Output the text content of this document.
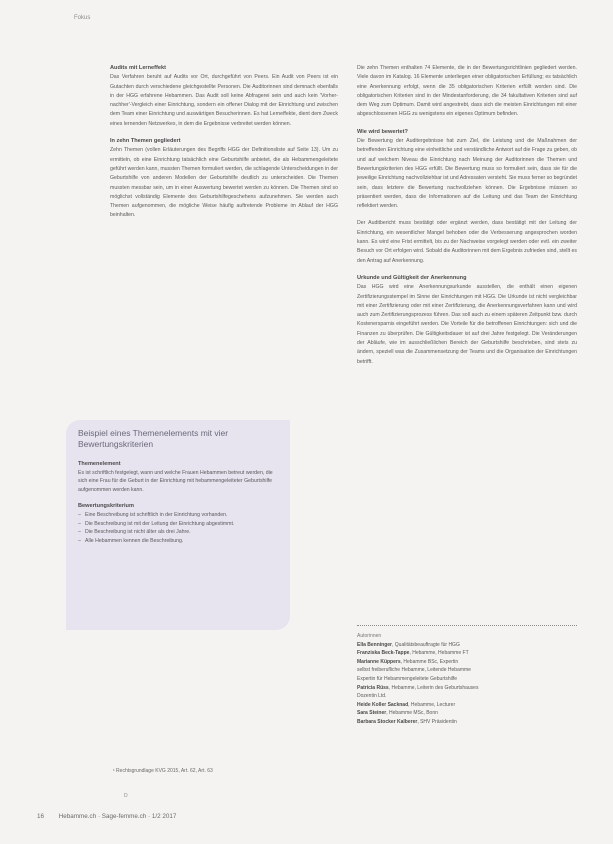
Fokus
Audits mit Lerneffekt

Das Verfahren beruht auf Audits vor Ort, durchgeführt von Peers. Ein Audit von Peers ist ein Gutachten durch verschiedene gleichgestellte Personen. Die Auditorinnen sind demnach ebenfalls in der HGG erfahrene Hebammen. Das Audit soll keine Abfragerei sein und auch kein 'Vorher-nachher'-Vergleich einer Einrichtung, sondern ein offener Dialog mit der Einrichtung und zwischen dem Team einer Einrichtung und auswärtigen Besucherinnen. Es hat Lerneffekte, dient dem Zweck eines lernenden Netzwerkes, in dem die Ergebnisse verbreitet werden können.

In zehn Themen gegliedert

Zehn Themen (vollen Erläuterungen des Begriffs HGG der Definitionsliste auf Seite 13). Um zu ermitteln, ob eine Einrichtung tatsächlich eine Geburtshilfe anbietet, die als Hebammengeleitete geführt werden kann, mussten Themen formuliert werden, die schlagende Unterscheidungen in der Geburtshilfe von anderen Modellen der Geburtshilfe deutlich zu unterscheiden. Die Themen mussten messbar sein, um in einer Auswertung bewertet werden zu können. Die Themen sind so möglichst vollständig Elemente des Geburtshilfegeschehens aufzunehmen. Sie werden auch Themen aufgenommen, die mögliche Weise häufig auftretende Probleme im Ablauf der HGG beinhalten.

Beispiel eines Themenelements mit vier Bewertungskriterien
Themenelement

Es ist schriftlich festgelegt, wann und welche Frauen Hebammen betreut werden, die sich eine Frau für die Geburt in der Einrichtung mit hebammengeleiteter Geburtshilfe aufgenommen werden kann.

Bewertungskriterium
– Eine Beschreibung ist schriftlich in der Einrichtung vorhanden.
– Die Beschreibung ist mit der Leitung der Einrichtung abgestimmt.
– Die Beschreibung ist nicht älter als drei Jahre.
– Alle Hebammen kennen die Beschreibung.

Die zehn Themen enthalten 74 Elemente, die in der Bewertungsrichtlinien gegliedert werden. Viele davon im Katalog. 16 Elemente unterliegen einer obligatorischen Erfüllung; es tatsächlich eine Anerkennung erfolgt, wenn die 35 obligatorischen Kriterien erfüllt worden sind. Die obligatorischen Kriterien sind in der Mindestanforderung, die 34 fakultativen Kriterien sind auf dem Weg zum Optimum. Damit wird angestrebt, dass sich die meisten Einrichtungen mit einer abgeschlossenen HGG zu wenigstens ein eigenes Optimum befinden.

Wie wird bewertet?

Die Bewertung der Auditergebnisse hat zum Ziel, die Leistung und die Maßnahmen der betreffenden Einrichtung eine einheitliche und verständliche Antwort auf die Frage zu geben, ob und auf welchem Niveau die Einrichtung nach Meinung der Auditorinnen die Themen und Bewertungskriterien des HGG erfüllt. Die Bewertung muss so formuliert sein, dass sie für die jeweilige Einrichtung nachvollziehbar ist und Adressaten versteht. Sie muss ferner so begründet sein, dass letztere die Bewertung nachvollziehen können. Die Ergebnisse müssen so präsentiert werden, dass die Informationen auf die Leitung und das Team der Einrichtung reflektiert werden.

Der Auditbericht muss bestätigt oder ergänzt werden, dass bestätigt mit der Leitung der Einrichtung, ein wesentlicher Mangel behoben oder die Verbesserung angesprochen worden kann. Es wird eine Frist ermittelt, bis zu der Nachweise vorgelegt werden oder evtl. ein zweiter Besuch vor Ort erfolgen wird. Sobald die Auditorinnen mit dem Ergebnis zufrieden sind, stellt es den Antrag auf Anerkennung.

Urkunde und Gültigkeit der Anerkennung

Das HGG wird eine Anerkennungsurkunde ausstellen, die enthält einen eigenen Zertifizierungsstempel im Sinne der Einrichtungen mit HGG. Die Urkunde ist nicht vergleichbar mit einer Zertifizierung oder mit einer Zertifizierung, die Anerkennungsverfahren kann und wird auch zum Zertifizierungsprozess führen. Das soll auch zu einem späteren Zeitpunkt bzw. durch Kostenersparnis eingeführt werden. Die Vorteile für die betroffenen Einrichtungen: sich und die Finanzen zu überprüfen. Die Gültigkeitsdauer ist auf drei Jahre festgelegt. Die Veränderungen der Abläufe, wie im ausschließlichen Bereich der Geburtshilfe beschrieben, sind stets zu ändern, speziell was die Zusammensetzung der Teams und die Organisation der Einrichtungen betrifft.

Autorinnen
Ella Benninger, Qualitätsbeauftragte für HGG
Franziska Beck-Tappe, Hebamme, Hebamme FT
Marianne Küppers, Hebamme BSc, Expertin
selbst freiberufliche Hebamme, Leitende Hebamme
Expertin für Hebammengeleitete Geburtshilfe
Patricia Rüss, Hebamme, Leiterin des Geburtshauses
Dozentin Ltd.
Heide Koller Sacknad, Hebamme, Lecturer
Sara Steiner, Hebamme MSc, Bonn
Barbara Stocker Kalberer, SHV Präsidentin
¹ Rechtsgrundlage KVG 2015, Art. 62, Art. 63
D
16 Hebamme.ch · Sage-femme.ch · 1/2 2017
